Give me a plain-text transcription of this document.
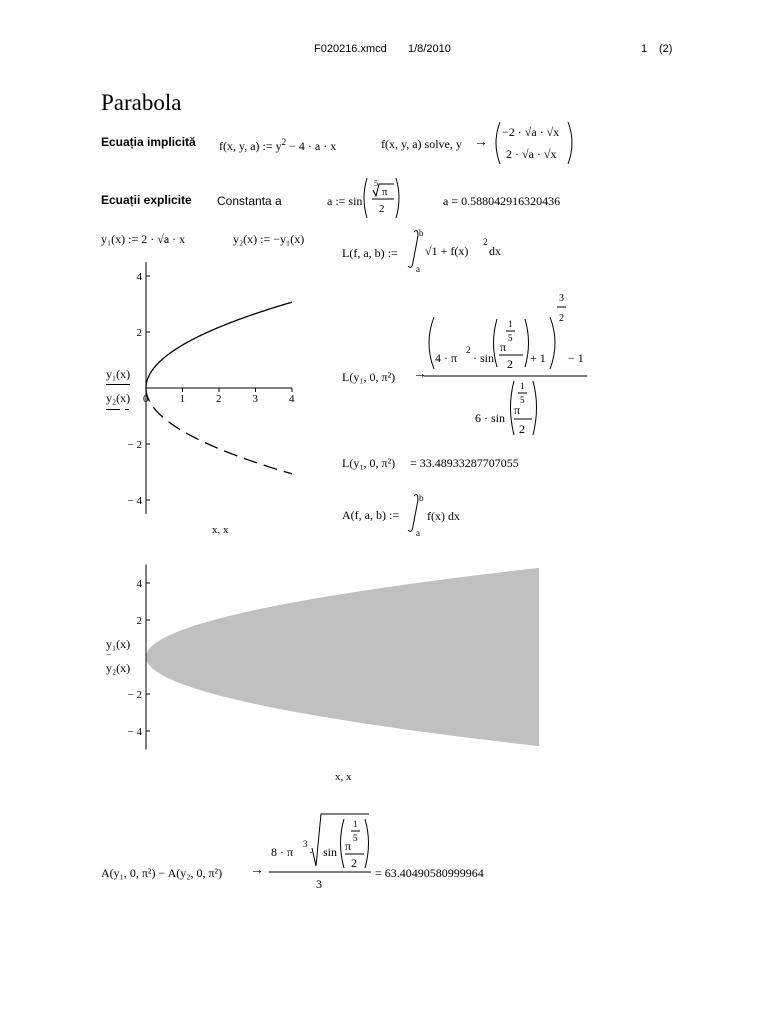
F020216.xmcd 1/8/2010	1 (2)
Parabola
Ecuația implicită f(x, y, a) := $y^2 - 4 \cdot a \cdot x$	f(x, y, a) solve, y →
−2 · √a · √x
2 · √a · √x
Ecuații explicite Constanta a	a := sin
5
π
2
a = 0.588042916320436
y₁(x) := 2 · √a · x	y₂(x) := −y₁(x)
L(f, a, b) :=
b
a
√1 + f(x)
2
dx
0	1	2	3	4
4
2
− 2
− 4
y₁(x)
y₂(x)
x, x
L(y₁, 0, π²) →
3
2
4 · π
2
· sin
1
5
π
2 + 1 − 1
6 · sin
1
5
π
2
L(y₁, 0, π²) = 33.48933287707055
A(f, a, b) :=
b
a
f(x) dx
4
2
− 2
− 4
y₁(x)
y₂(x)
x, x
A(y₁, 0, π²) − A(y₂, 0, π²) →
8 · π
3
· sin
1
5
π
2
3
= 63.40490580999964
